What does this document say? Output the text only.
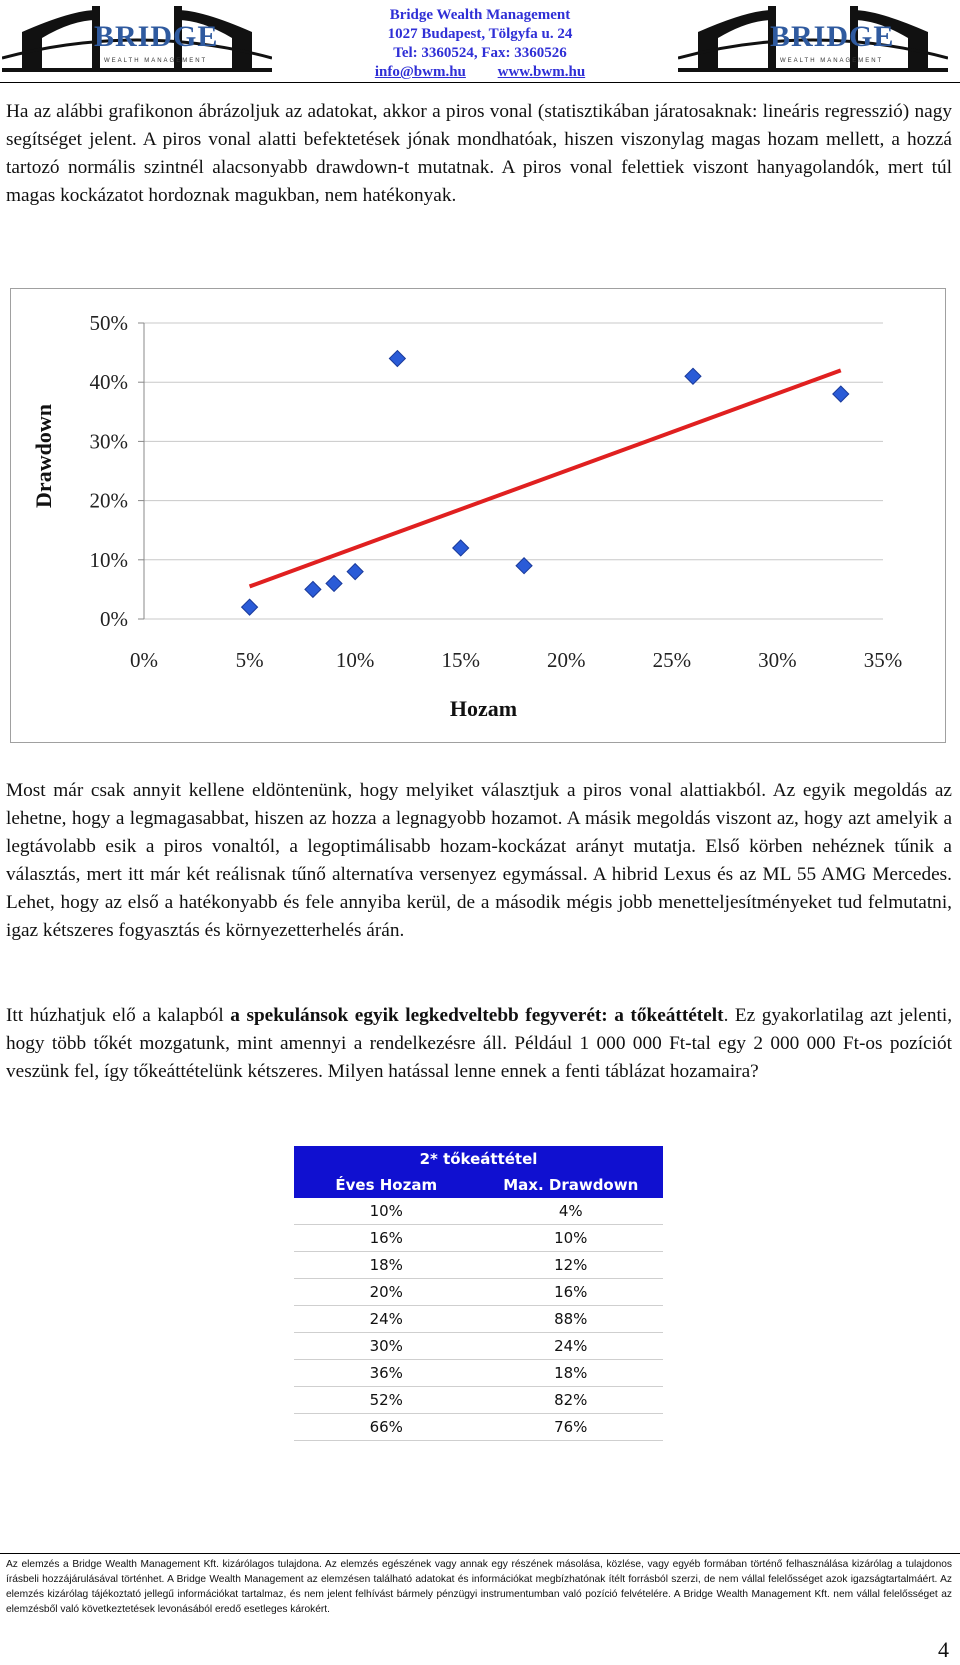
BRIDGE
WEALTH MANAGEMENT
Bridge Wealth Management
1027 Budapest, Tölgyfa u. 24
Tel: 3360524, Fax: 3360526
info@bwm.hu www.bwm.hu
BRIDGE
WEALTH MANAGEMENT

Ha az alábbi grafikonon ábrázoljuk az adatokat, akkor a piros vonal (statisztikában járatosaknak: lineáris regresszió) nagy segítséget jelent. A piros vonal alatti befektetések jónak mondhatóak, hiszen viszonylag magas hozam mellett, a hozzá tartozó normális szintnél alacsonyabb drawdown-t mutatnak. A piros vonal felettiek viszont hanyagolandók, mert túl magas kockázatot hordoznak magukban, nem hatékonyak.

0%
10%
20%
30%
40%
50%
0%	5%	10%	15%	20%	25%	30%	35%
Hozam
Drawdown

Most már csak annyit kellene eldöntenünk, hogy melyiket választjuk a piros vonal alattiakból. Az egyik megoldás az lehetne, hogy a legmagasabbat, hiszen az hozza a legnagyobb hozamot. A másik megoldás viszont az, hogy azt amelyik a legtávolabb esik a piros vonaltól, a legoptimálisabb hozam-kockázat arányt mutatja. Első körben nehéznek tűnik a választás, mert itt már két reálisnak tűnő alternatíva versenyez egymással. A hibrid Lexus és az ML 55 AMG Mercedes. Lehet, hogy az első a hatékonyabb és fele annyiba kerül, de a második mégis jobb menetteljesítményeket tud felmutatni, igaz kétszeres fogyasztás és környezetterhelés árán.

Itt húzhatjuk elő a kalapból a spekulánsok egyik legkedveltebb fegyverét: a tőkeáttételt. Ez gyakorlatilag azt jelenti, hogy több tőkét mozgatunk, mint amennyi a rendelkezésre áll. Például 1 000 000 Ft-tal egy 2 000 000 Ft-os pozíciót veszünk fel, így tőkeáttételünk kétszeres. Milyen hatással lenne ennek a fenti táblázat hozamaira?

2* tőkeáttétel	
Éves Hozam	Max. Drawdown
10%	4%
16%	10%
18%	12%
20%	16%
24%	88%
30%	24%
36%	18%
52%	82%
66%	76%
Az elemzés a Bridge Wealth Management Kft. kizárólagos tulajdona. Az elemzés egészének vagy annak egy részének másolása, közlése, vagy egyéb formában történő felhasználása kizárólag a tulajdonos írásbeli hozzájárulásával történhet. A Bridge Wealth Management az elemzésen található adatokat és információkat megbízhatónak ítélt forrásból szerzi, de nem vállal felelősséget azok igazságtartalmáért. Az elemzés kizárólag tájékoztató jellegű információkat tartalmaz, és nem jelent felhívást bármely pénzügyi instrumentumban való pozíció felvételére. A Bridge Wealth Management Kft. nem vállal felelősséget az elemzésből való következtetések levonásából eredő esetleges károkért.
4
